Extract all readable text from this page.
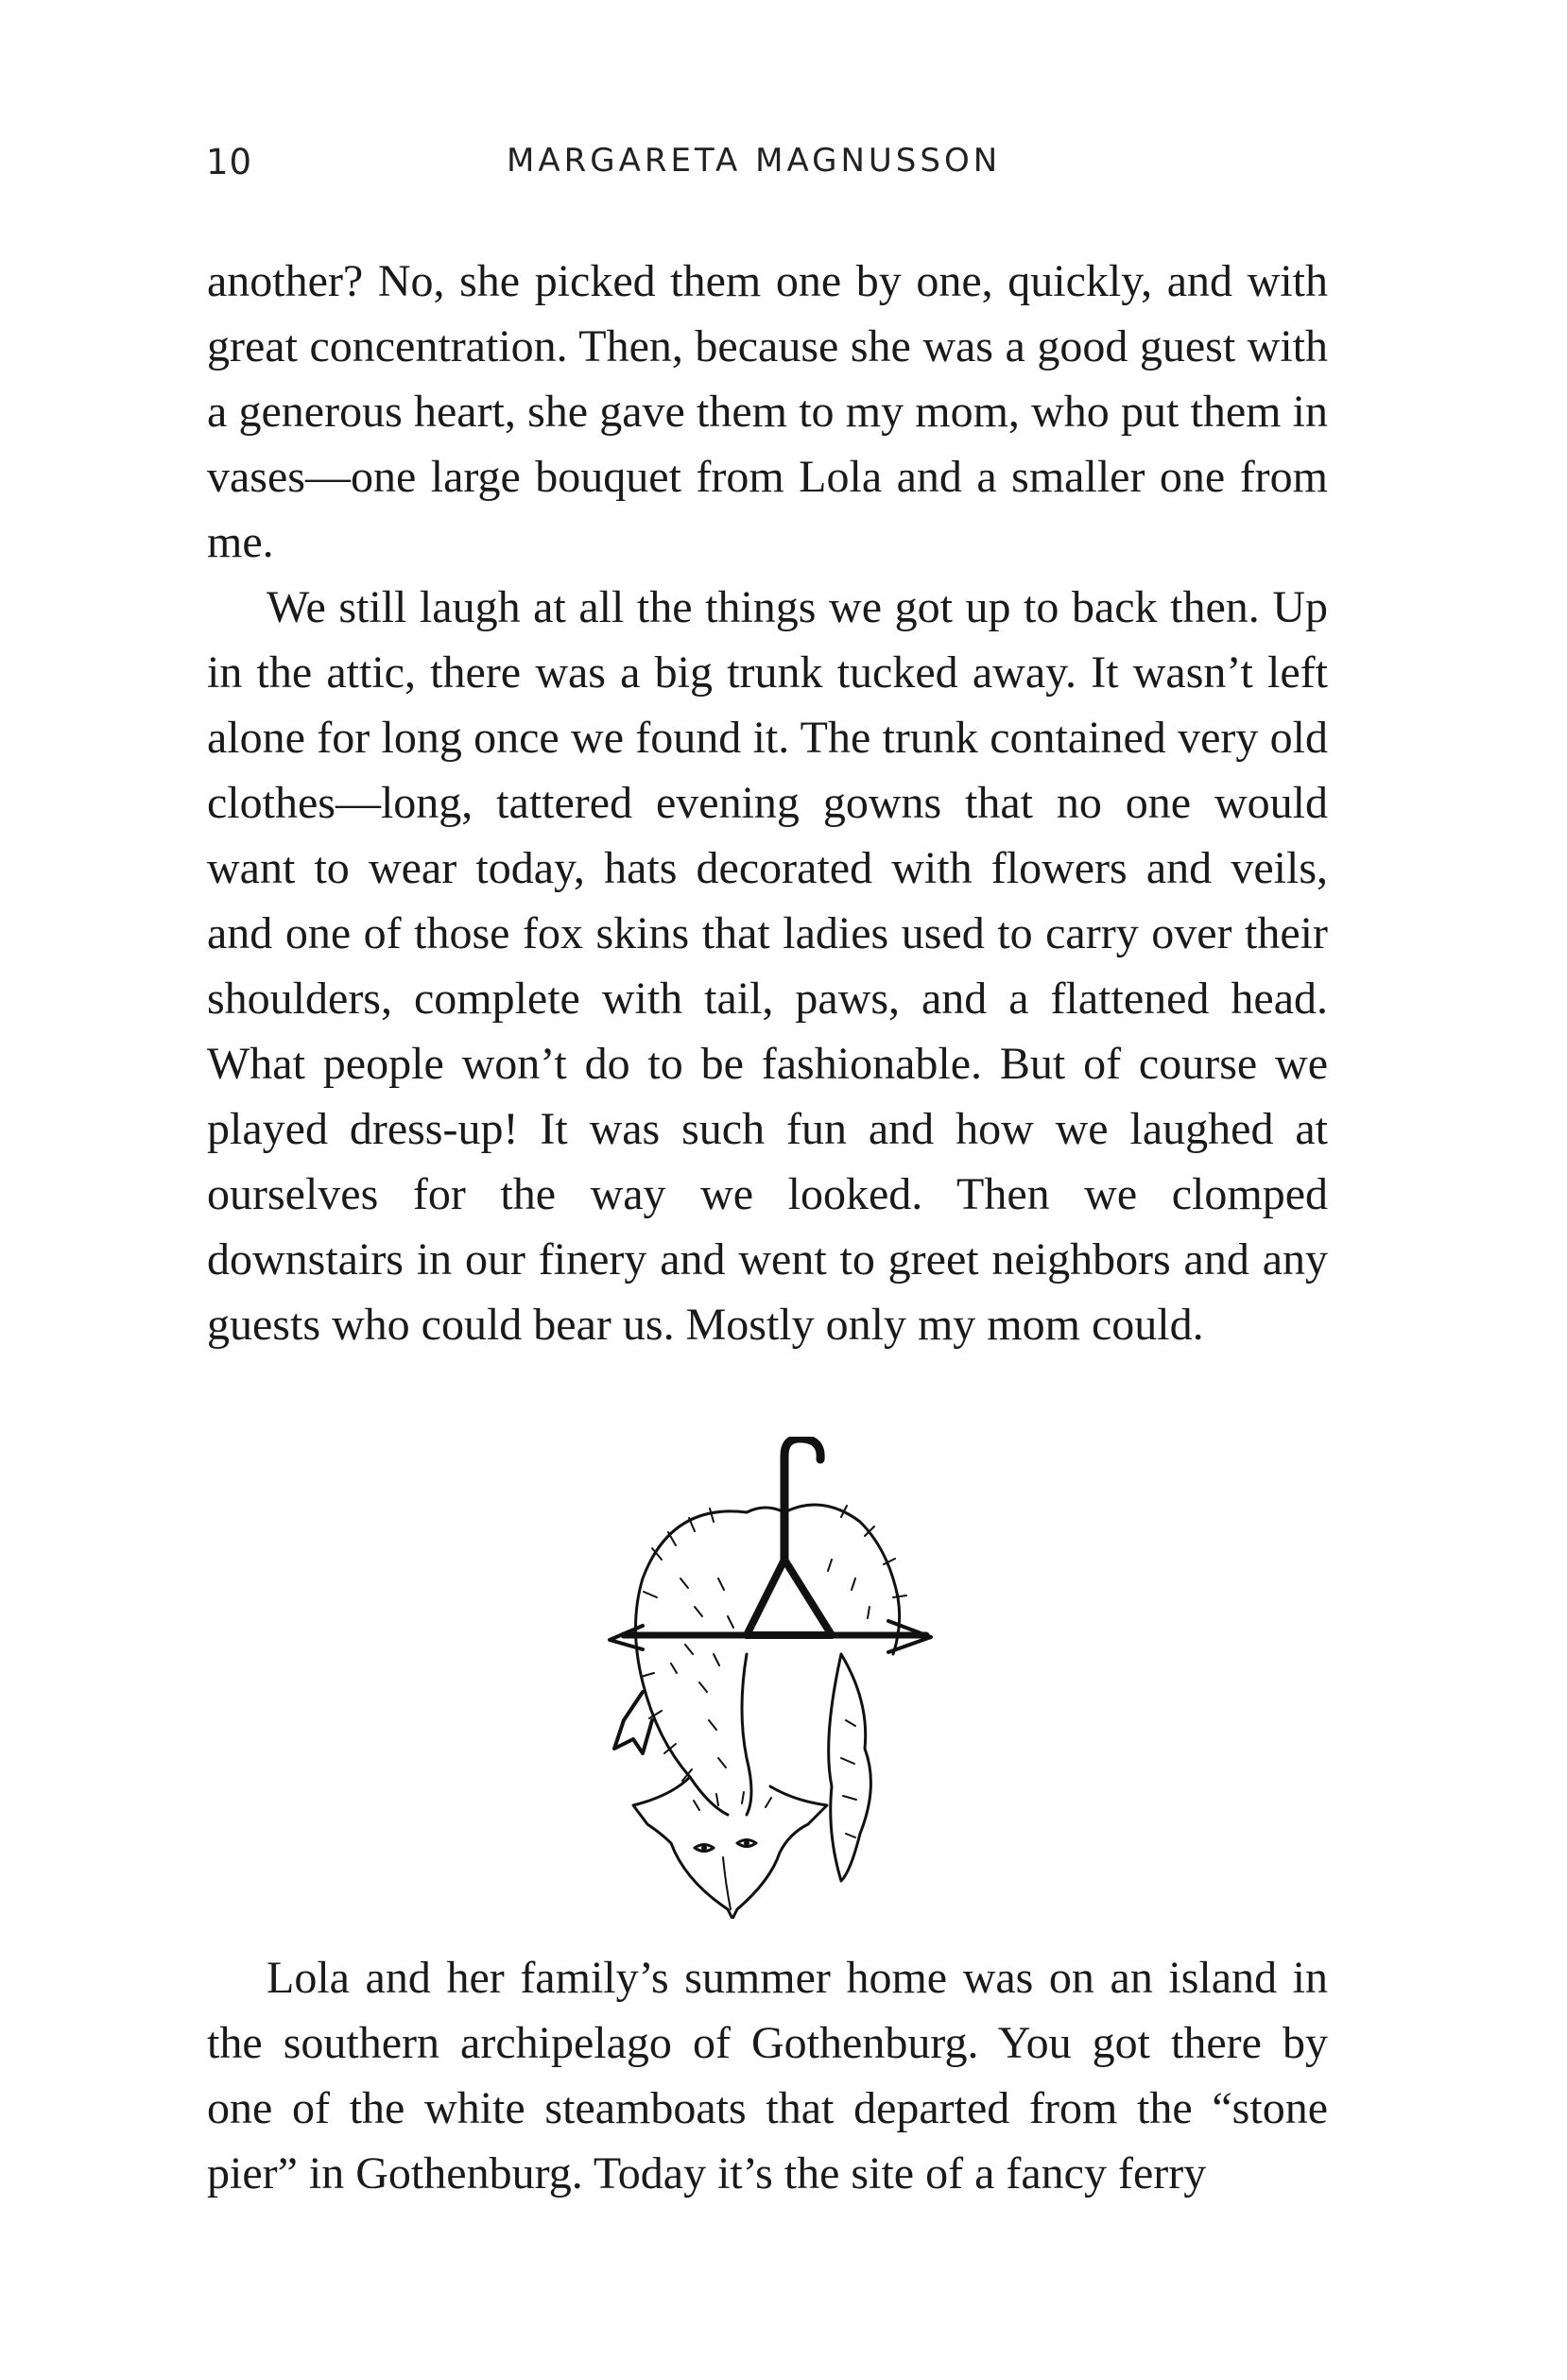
10	MARGARETA MAGNUSSON

another? No, she picked them one by one, quickly, and with great concentration. Then, because she was a good guest with a generous heart, she gave them to my mom, who put them in vases—one large bouquet from Lola and a smaller one from me.

We still laugh at all the things we got up to back then. Up in the attic, there was a big trunk tucked away. It wasn’t left alone for long once we found it. The trunk contained very old clothes—long, tattered evening gowns that no one would want to wear today, hats decorated with flowers and veils, and one of those fox skins that ladies used to carry over their shoulders, complete with tail, paws, and a flattened head. What people won’t do to be fashionable. But of course we played dress-up! It was such fun and how we laughed at ourselves for the way we looked. Then we clomped downstairs in our finery and went to greet neighbors and any guests who could bear us. Mostly only my mom could.

Lola and her family’s summer home was on an island in the southern archipelago of Gothenburg. You got there by one of the white steamboats that departed from the “stone pier” in Gothenburg. Today it’s the site of a fancy ferry
